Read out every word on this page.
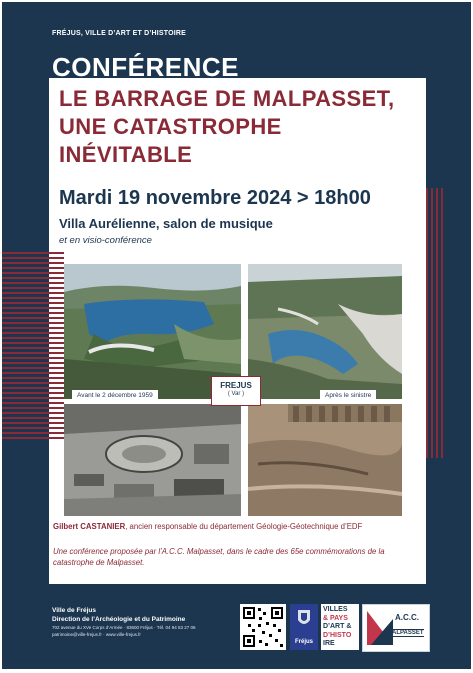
FRÉJUS, VILLE D’ART ET D’HISTOIRE
LE BARRAGE DE MALPASSET,
UNE CATASTROPHE
INÉVITABLE
Mardi 19 novembre 2024 > 18h00
Villa Aurélienne, salon de musique
et en visio-conférence
CONFÉRENCE
Avant le 2 décembre 1959	Après le sinistre
FREJUS
( Var )
Gilbert CASTANIER, ancien responsable du département Géologie-Géotechnique d’EDF
Une conférence proposée par l’A.C.C. Malpasset, dans le cadre des 65e commémorations de la catastrophe de Malpasset.
Ville de Fréjus
Direction de l’Archéologie et du Patrimoine
702 avenue du XVe Corps d’Armée · 83600 Fréjus · Tél. 04 94 53 27 06
patrimoine@ville-frejus.fr · www.ville-frejus.fr
Fréjus
VILLES
& PAYS
D’ART &
D’HISTO
IRE
A.C.C.
MALPASSET
